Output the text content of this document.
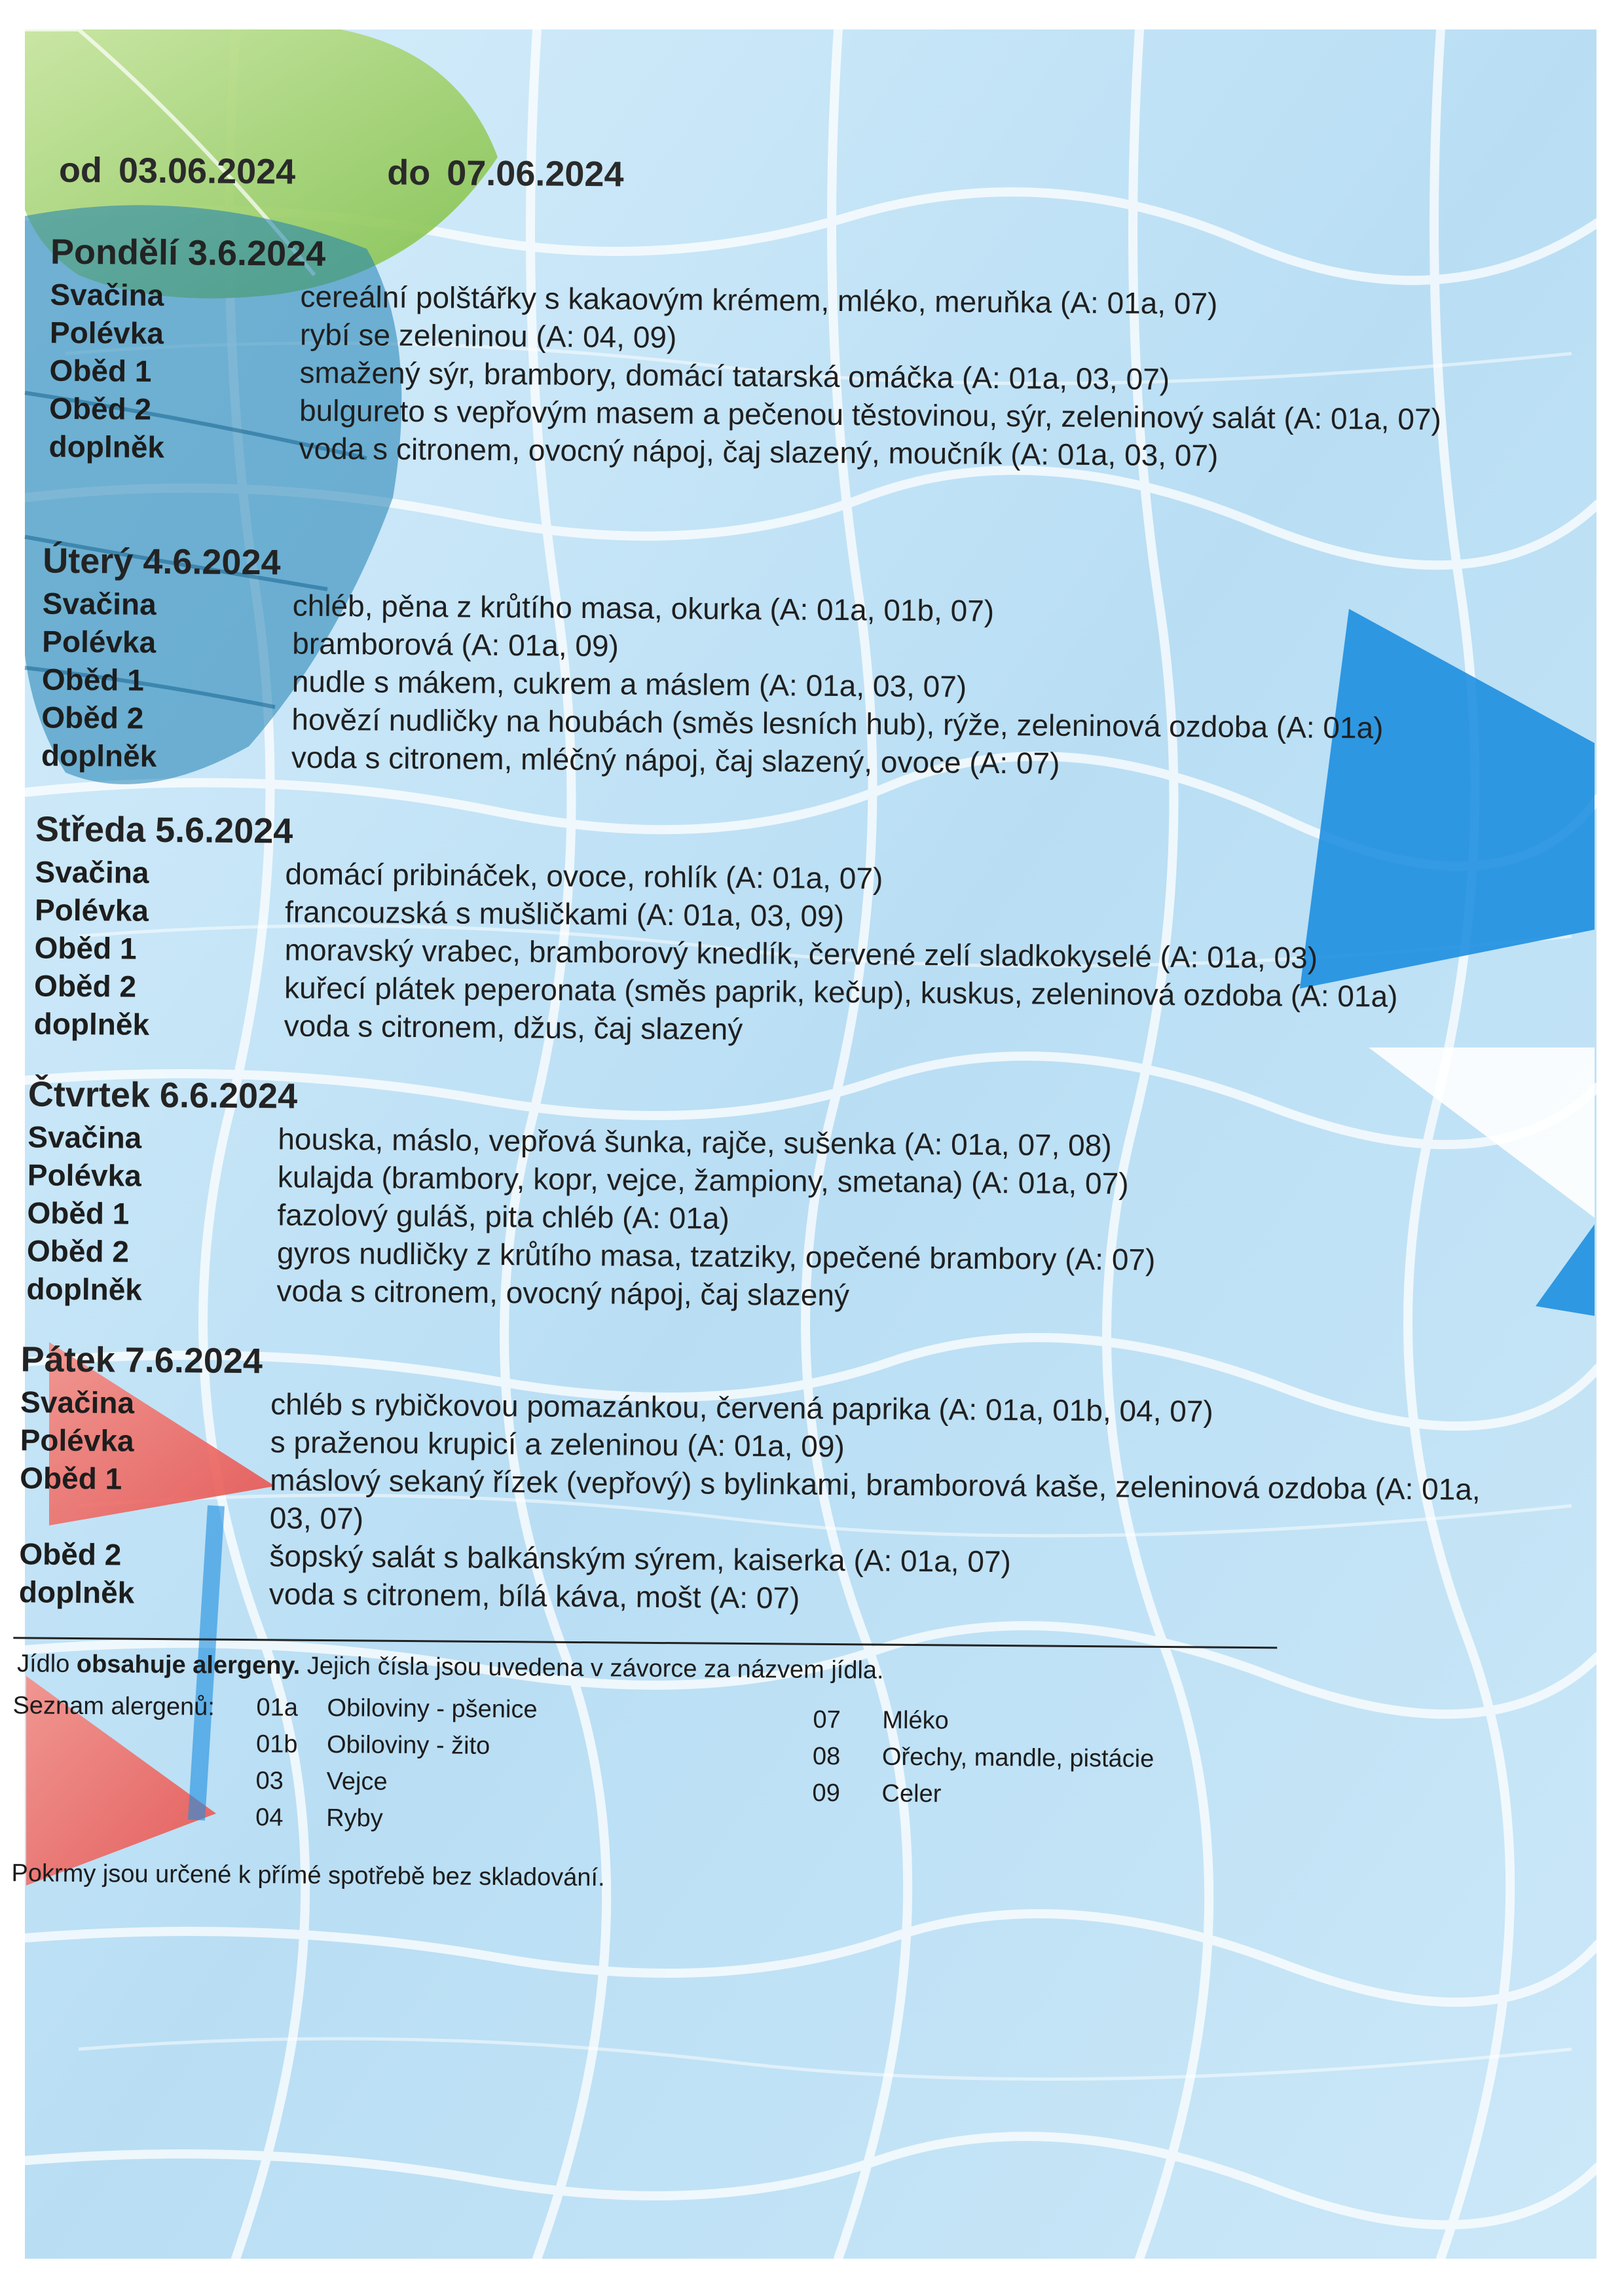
od 03.06.2024	do 07.06.2024
Pondělí 3.6.2024
Svačina	cereální polštářky s kakaovým krémem, mléko, meruňka (A: 01a, 07)
Polévka	rybí se zeleninou (A: 04, 09)
Oběd 1	smažený sýr, brambory, domácí tatarská omáčka (A: 01a, 03, 07)
Oběd 2	bulgureto s vepřovým masem a pečenou těstovinou, sýr, zeleninový salát (A: 01a, 07)
doplněk	voda s citronem, ovocný nápoj, čaj slazený, moučník (A: 01a, 03, 07)
Úterý 4.6.2024
Svačina	chléb, pěna z krůtího masa, okurka (A: 01a, 01b, 07)
Polévka	bramborová (A: 01a, 09)
Oběd 1	nudle s mákem, cukrem a máslem (A: 01a, 03, 07)
Oběd 2	hovězí nudličky na houbách (směs lesních hub), rýže, zeleninová ozdoba (A: 01a)
doplněk	voda s citronem, mléčný nápoj, čaj slazený, ovoce (A: 07)
Středa 5.6.2024
Svačina	domácí pribináček, ovoce, rohlík (A: 01a, 07)
Polévka	francouzská s mušličkami (A: 01a, 03, 09)
Oběd 1	moravský vrabec, bramborový knedlík, červené zelí sladkokyselé (A: 01a, 03)
Oběd 2	kuřecí plátek peperonata (směs paprik, kečup), kuskus, zeleninová ozdoba (A: 01a)
doplněk	voda s citronem, džus, čaj slazený
Čtvrtek 6.6.2024
Svačina	houska, máslo, vepřová šunka, rajče, sušenka (A: 01a, 07, 08)
Polévka	kulajda (brambory, kopr, vejce, žampiony, smetana) (A: 01a, 07)
Oběd 1	fazolový guláš, pita chléb (A: 01a)
Oběd 2	gyros nudličky z krůtího masa, tzatziky, opečené brambory (A: 07)
doplněk	voda s citronem, ovocný nápoj, čaj slazený
Pátek 7.6.2024
Svačina	chléb s rybičkovou pomazánkou, červená paprika (A: 01a, 01b, 04, 07)
Polévka	s praženou krupicí a zeleninou (A: 01a, 09)
Oběd 1	máslový sekaný řízek (vepřový) s bylinkami, bramborová kaše, zeleninová ozdoba (A: 01a, 03, 07)
Oběd 2	šopský salát s balkánským sýrem, kaiserka (A: 01a, 07)
doplněk	voda s citronem, bílá káva, mošt (A: 07)
Jídlo obsahuje alergeny. Jejich čísla jsou uvedena v závorce za názvem jídla.
Seznam alergenů: 01a Obiloviny - pšenice
01b Obiloviny - žito
03 Vejce
04 Ryby
07 Mléko
08 Ořechy, mandle, pistácie
09 Celer
Pokrmy jsou určené k přímé spotřebě bez skladování.
